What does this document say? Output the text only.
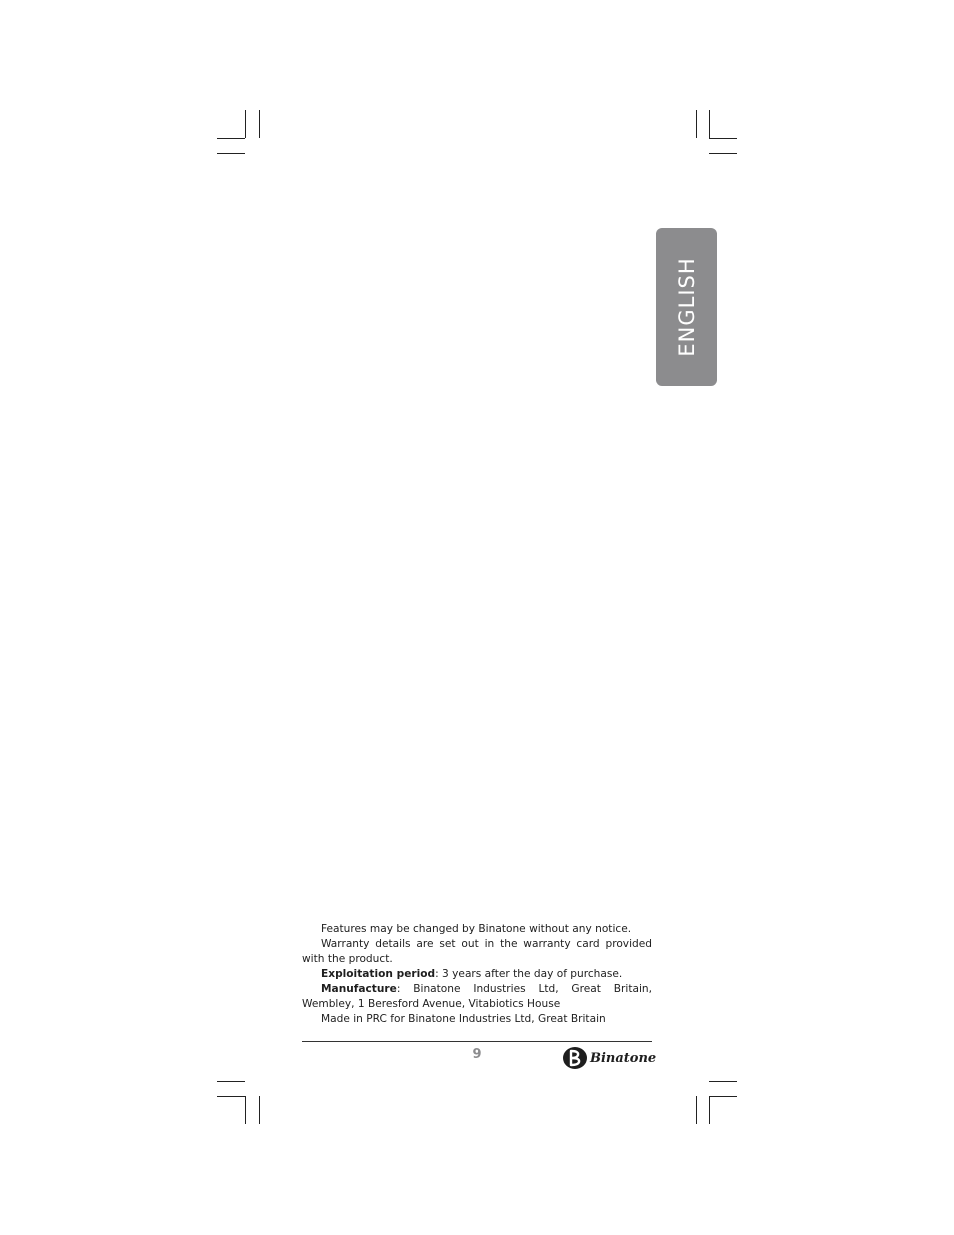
ENGLISH

Features may be changed by Binatone without any notice.

Warranty details are set out in the warranty card provided with the product.

Exploitation period: 3 years after the day of purchase.

Manufacture: Binatone Industries Ltd, Great Britain, Wembley, 1 Beresford Avenue, Vitabiotics House

Made in PRC for Binatone Industries Ltd, Great Britain

9	Binatone
